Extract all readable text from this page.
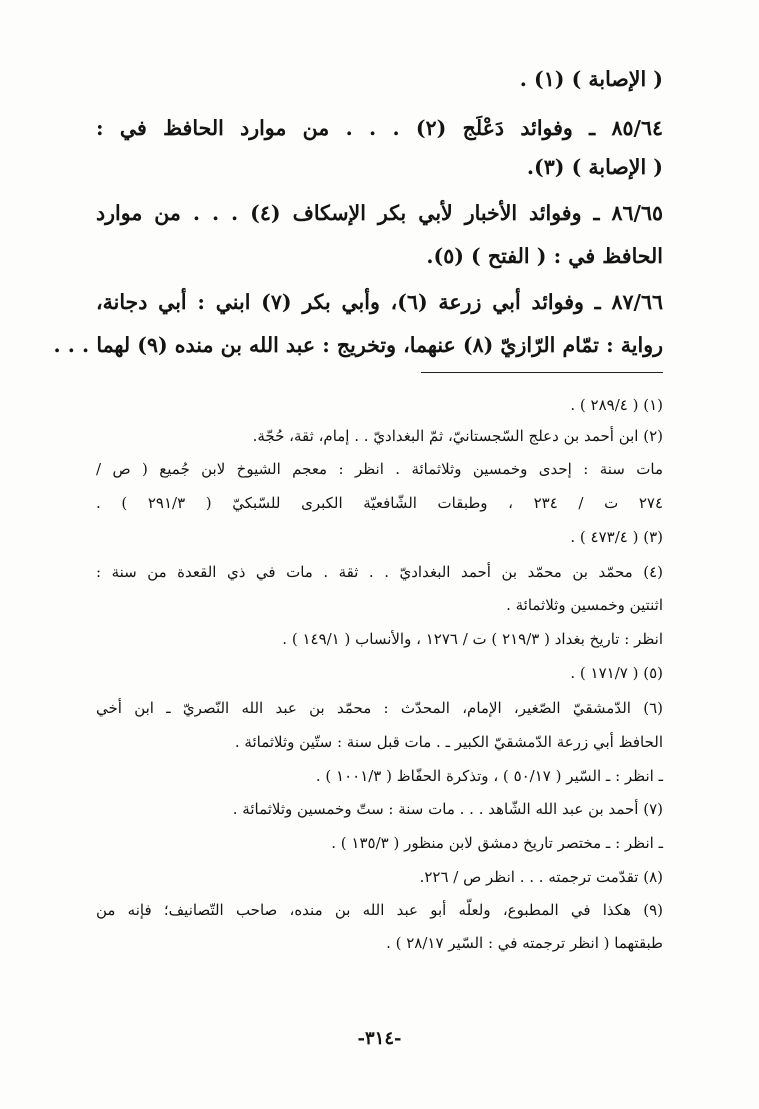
( الإصابة ) (١) .
٨٥/٦٤ ـ وفوائد دَعْلَج (٢) . . . من موارد الحافظ في :
( الإصابة ) (٣).
٨٦/٦٥ ـ وفوائد الأخبار لأبي بكر الإسكاف (٤) . . . من موارد
الحافظ في : ( الفتح ) (٥).
٨٧/٦٦ ـ وفوائد أبي زرعة (٦)، وأبي بكر (٧) ابني : أبي دجانة،
رواية : تمّام الرّازيّ (٨) عنهما، وتخريج : عبد الله بن منده (٩) لهما . . .
(١) ( ٢٨٩/٤ ) .
(٢) ابن أحمد بن دعلج السّجستانيّ، ثمّ البغداديّ . . إمام، ثقة، حُجّة.
مات سنة : إحدى وخمسين وثلاثمائة . انظر : معجم الشيوخ لابن جُميع ( ص /
٢٧٤ ت / ٢٣٤ ، وطبقات الشّافعيّة الكبرى للسّبكيّ ( ٢٩١/٣ ) .
(٣) ( ٤٧٣/٤ ) .
(٤) محمّد بن محمّد بن أحمد البغداديّ . . ثقة . مات في ذي القعدة من سنة :
اثنتين وخمسين وثلاثمائة .
انظر : تاريخ بغداد ( ٢١٩/٣ ) ت / ١٢٧٦ ، والأنساب ( ١٤٩/١ ) .
(٥) ( ١٧١/٧ ) .
(٦) الدّمشقيّ الصّغير، الإمام، المحدّث : محمّد بن عبد الله النّصريّ ـ ابن أخي
الحافظ أبي زرعة الدّمشقيّ الكبير ـ . مات قبل سنة : ستّين وثلاثمائة .
ـ انظر : ـ السّير ( ٥٠/١٧ ) ، وتذكرة الحفّاظ ( ١٠٠١/٣ ) .
(٧) أحمد بن عبد الله الشّاهد . . . مات سنة : ستّ وخمسين وثلاثمائة .
ـ انظر : ـ مختصر تاريخ دمشق لابن منظور ( ١٣٥/٣ ) .
(٨) تقدّمت ترجمته . . . انظر ص / ٢٢٦.
(٩) هكذا في المطبوع، ولعلّه أبو عبد الله بن منده، صاحب التّصانيف؛ فإنه من
طبقتهما ( انظر ترجمته في : السّير ٢٨/١٧ ) .
-٣١٤-
